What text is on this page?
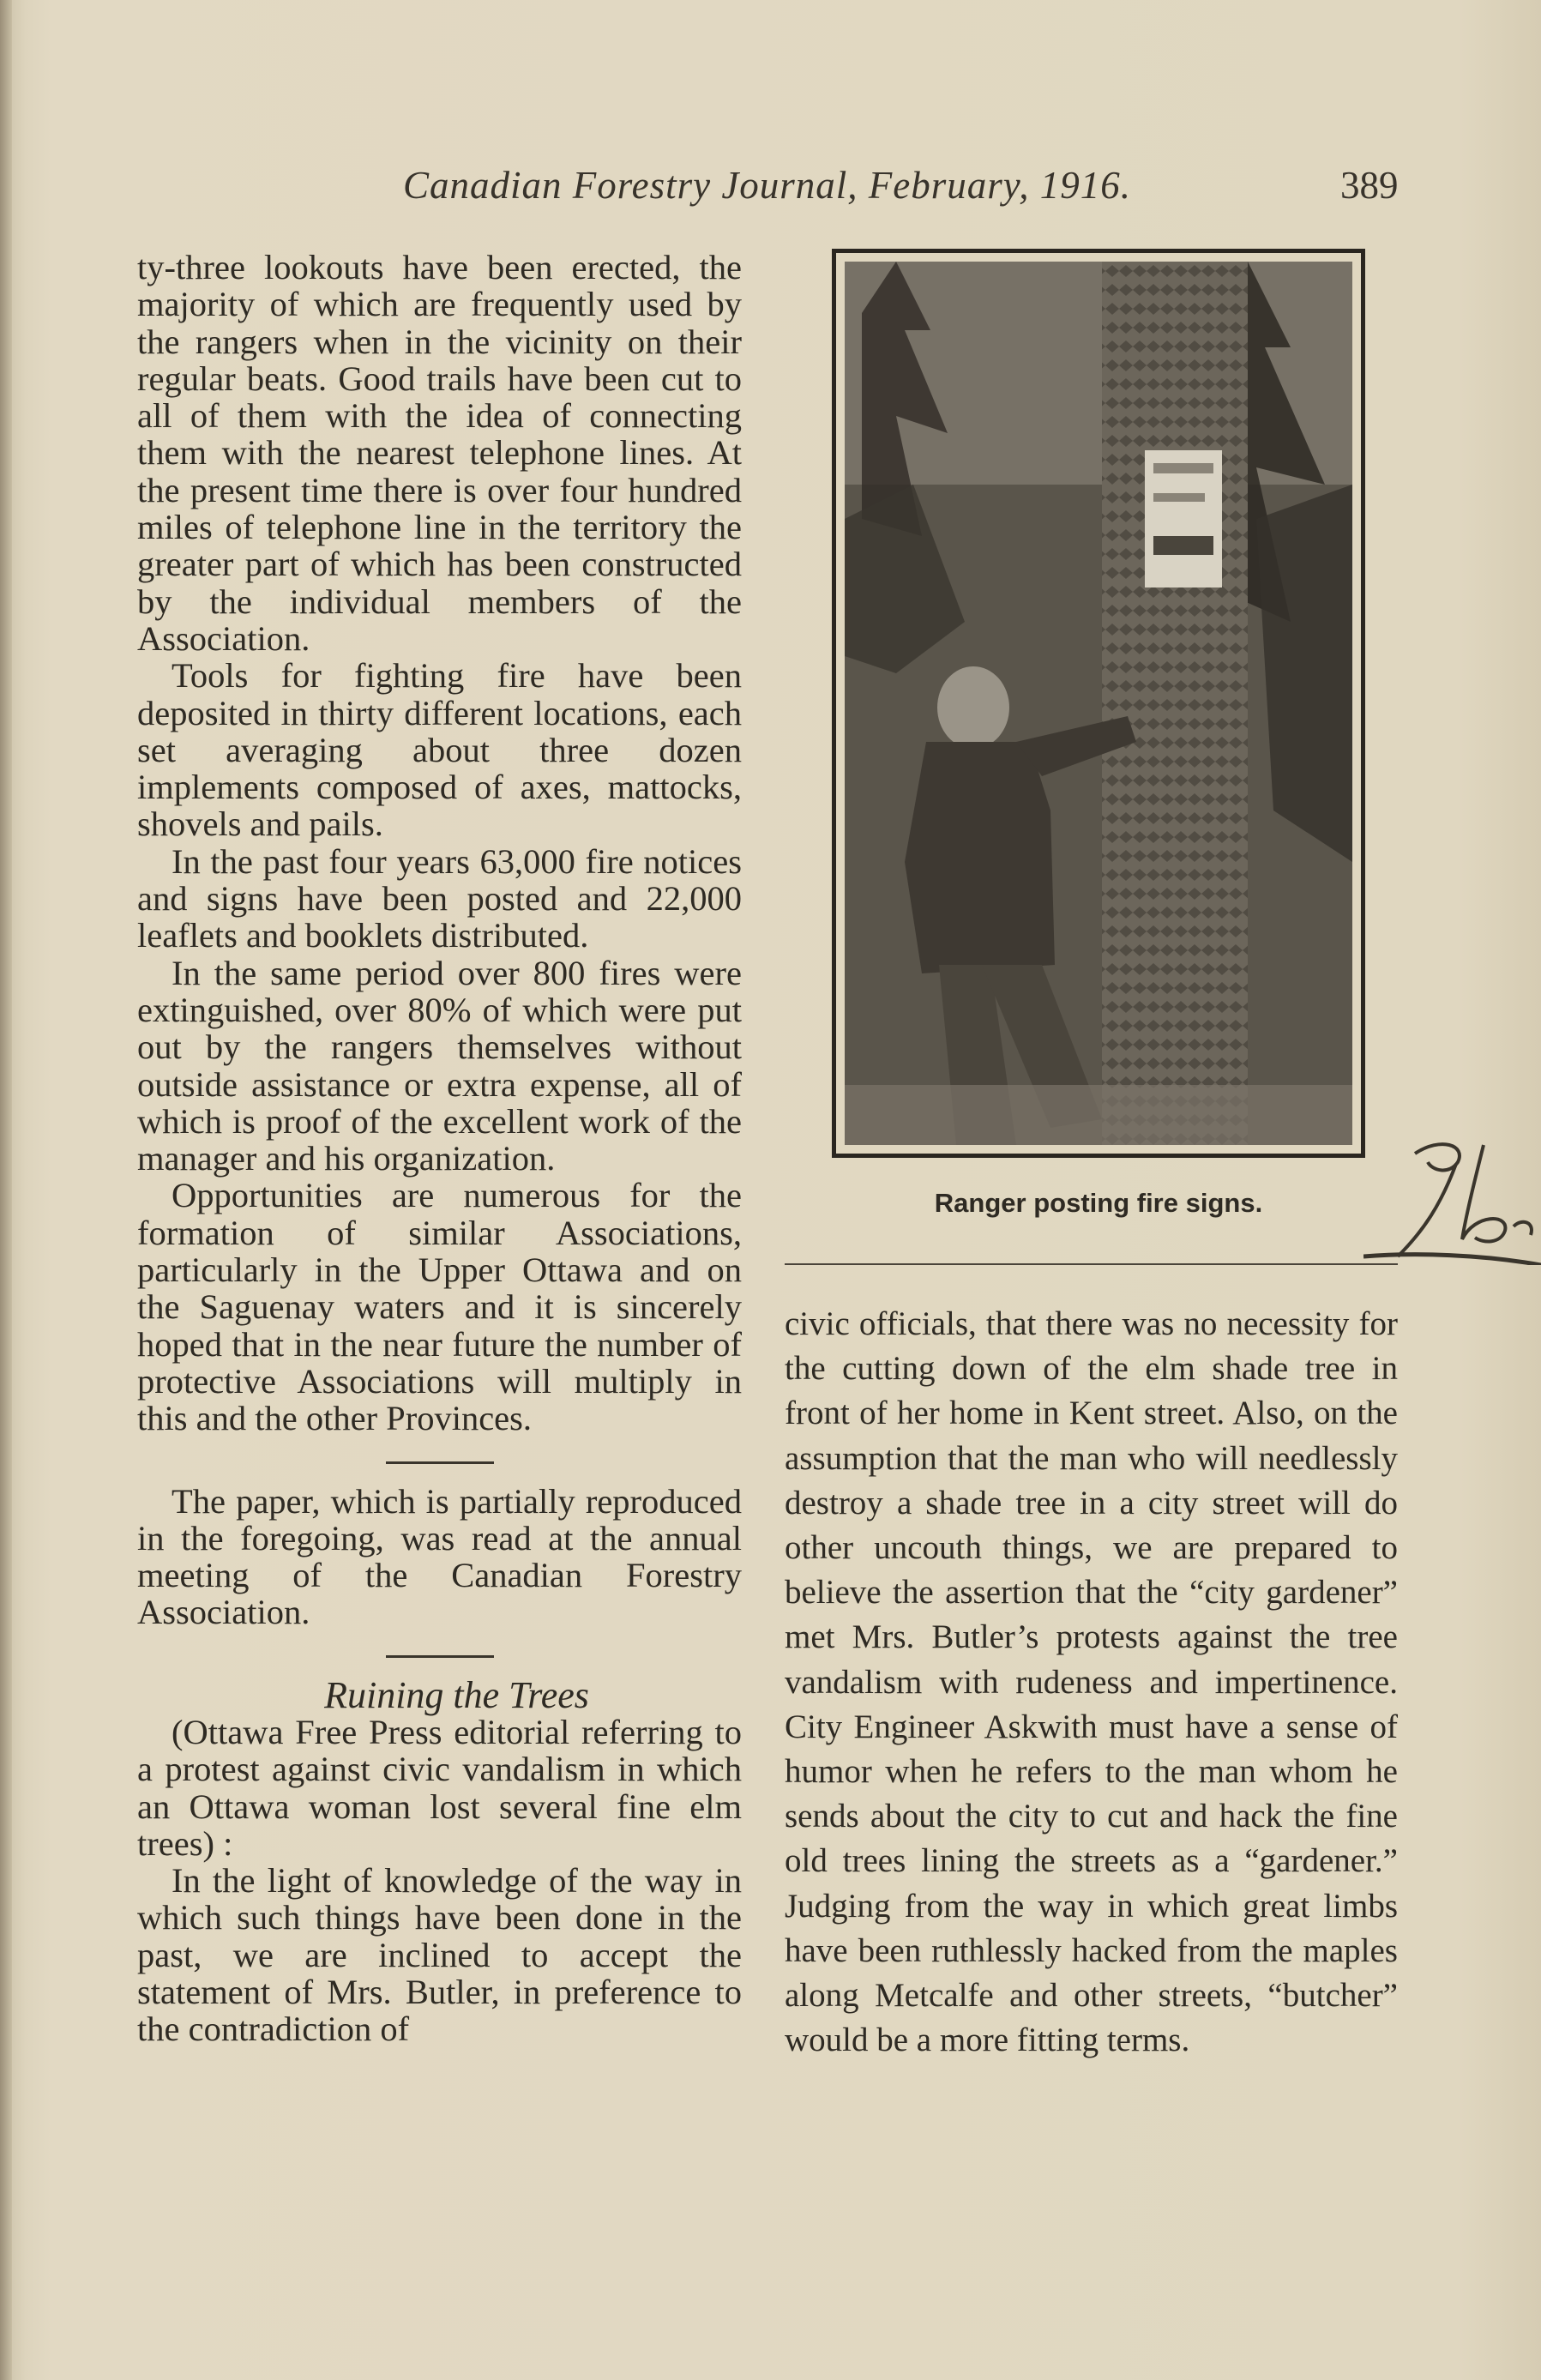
Canadian Forestry Journal, February, 1916.	389

ty-three lookouts have been erected, the majority of which are frequently used by the rangers when in the vicinity on their regular beats. Good trails have been cut to all of them with the idea of connecting them with the nearest telephone lines. At the present time there is over four hundred miles of telephone line in the territory the greater part of which has been constructed by the individual members of the Association.

Tools for fighting fire have been deposited in thirty different locations, each set averaging about three dozen implements composed of axes, mattocks, shovels and pails.

In the past four years 63,000 fire notices and signs have been posted and 22,000 leaflets and booklets distributed.

In the same period over 800 fires were extinguished, over 80% of which were put out by the rangers themselves without outside assistance or extra expense, all of which is proof of the excellent work of the manager and his organization.

Opportunities are numerous for the formation of similar Associations, particularly in the Upper Ottawa and on the Saguenay waters and it is sincerely hoped that in the near future the number of protective Associations will multiply in this and the other Provinces.

The paper, which is partially reproduced in the foregoing, was read at the annual meeting of the Canadian Forestry Association.

Ruining the Trees

(Ottawa Free Press editorial referring to a protest against civic vandalism in which an Ottawa woman lost several fine elm trees) :

In the light of knowledge of the way in which such things have been done in the past, we are inclined to accept the statement of Mrs. Butler, in preference to the contradiction of

Ranger posting fire signs.

civic officials, that there was no necessity for the cutting down of the elm shade tree in front of her home in Kent street. Also, on the assumption that the man who will needlessly destroy a shade tree in a city street will do other uncouth things, we are prepared to believe the assertion that the “city gardener” met Mrs. Butler’s protests against the tree vandalism with rudeness and impertinence. City Engineer Askwith must have a sense of humor when he refers to the man whom he sends about the city to cut and hack the fine old trees lining the streets as a “gardener.” Judging from the way in which great limbs have been ruthlessly hacked from the maples along Metcalfe and other streets, “butcher” would be a more fitting terms.
